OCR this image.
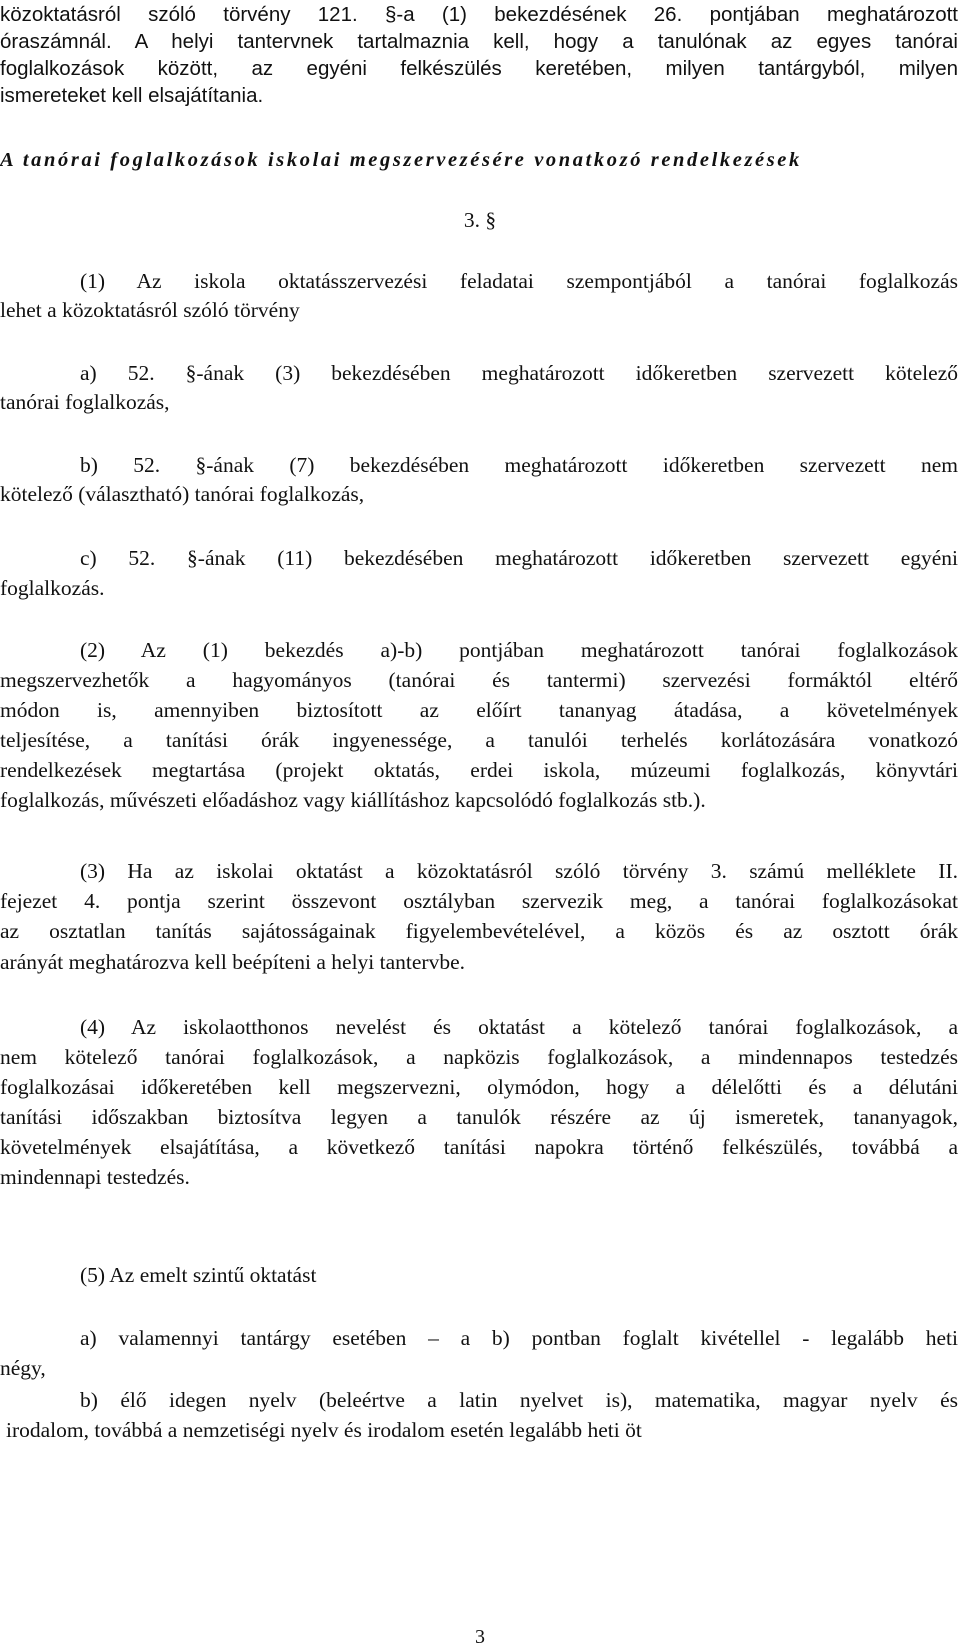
közoktatásról szóló törvény 121. §-a (1) bekezdésének 26. pontjában meghatározott
óraszámnál. A helyi tantervnek tartalmaznia kell, hogy a tanulónak az egyes tanórai
foglalkozások között, az egyéni felkészülés keretében, milyen tantárgyból, milyen
ismereteket kell elsajátítania.
A tanórai foglalkozások iskolai megszervezésére vonatkozó rendelkezések
3. §
(1) Az iskola oktatásszervezési feladatai szempontjából a tanórai foglalkozás
lehet a közoktatásról szóló törvény
a) 52. §-ának (3) bekezdésében meghatározott időkeretben szervezett kötelező
tanórai foglalkozás,
b) 52. §-ának (7) bekezdésében meghatározott időkeretben szervezett nem
kötelező (választható) tanórai foglalkozás,
c) 52. §-ának (11) bekezdésében meghatározott időkeretben szervezett egyéni
foglalkozás.
(2) Az (1) bekezdés a)-b) pontjában meghatározott tanórai foglalkozások
megszervezhetők a hagyományos (tanórai és tantermi) szervezési formáktól eltérő
módon is, amennyiben biztosított az előírt tananyag átadása, a követelmények
teljesítése, a tanítási órák ingyenessége, a tanulói terhelés korlátozására vonatkozó
rendelkezések megtartása (projekt oktatás, erdei iskola, múzeumi foglalkozás, könyvtári
foglalkozás, művészeti előadáshoz vagy kiállításhoz kapcsolódó foglalkozás stb.).
(3) Ha az iskolai oktatást a közoktatásról szóló törvény 3. számú melléklete II.
fejezet 4. pontja szerint összevont osztályban szervezik meg, a tanórai foglalkozásokat
az osztatlan tanítás sajátosságainak figyelembevételével, a közös és az osztott órák
arányát meghatározva kell beépíteni a helyi tantervbe.
(4) Az iskolaotthonos nevelést és oktatást a kötelező tanórai foglalkozások, a
nem kötelező tanórai foglalkozások, a napközis foglalkozások, a mindennapos testedzés
foglalkozásai időkeretében kell megszervezni, olymódon, hogy a délelőtti és a délutáni
tanítási időszakban biztosítva legyen a tanulók részére az új ismeretek, tananyagok,
követelmények elsajátítása, a következő tanítási napokra történő felkészülés, továbbá a
mindennapi testedzés.
(5) Az emelt szintű oktatást
a) valamennyi tantárgy esetében – a b) pontban foglalt kivétellel - legalább heti
négy,
b) élő idegen nyelv (beleértve a latin nyelvet is), matematika, magyar nyelv és
irodalom, továbbá a nemzetiségi nyelv és irodalom esetén legalább heti öt
3
